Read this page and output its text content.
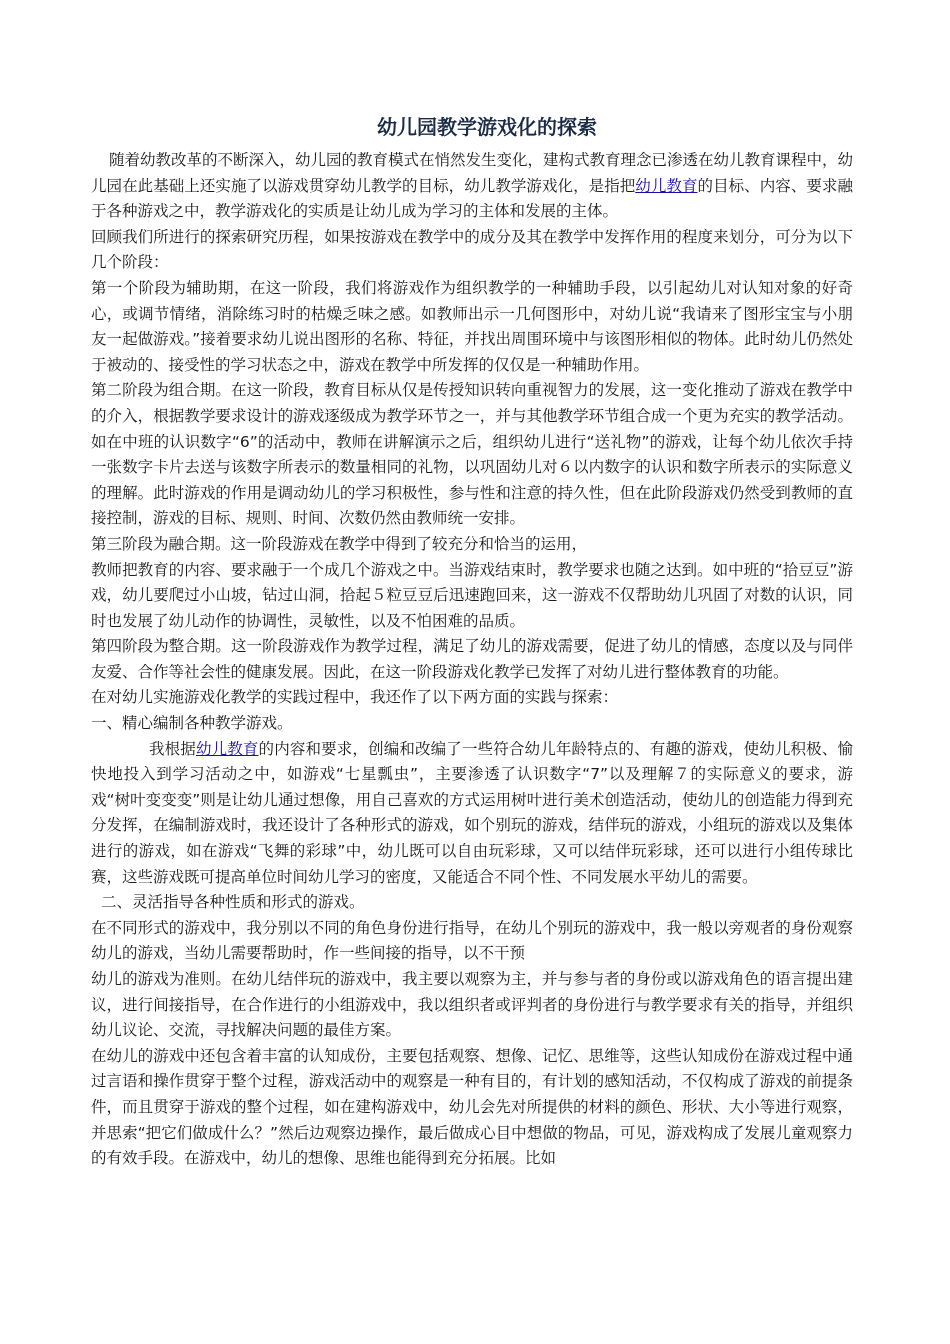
幼儿园教学游戏化的探索

随着幼教改革的不断深入，幼儿园的教育模式在悄然发生变化，建构式教育理念已渗透在幼儿教育课程中，幼儿园在此基础上还实施了以游戏贯穿幼儿教学的目标，幼儿教学游戏化，是指把幼儿教育的目标、内容、要求融于各种游戏之中，教学游戏化的实质是让幼儿成为学习的主体和发展的主体。

回顾我们所进行的探索研究历程，如果按游戏在教学中的成分及其在教学中发挥作用的程度来划分，可分为以下几个阶段：

第一个阶段为辅助期，在这一阶段，我们将游戏作为组织教学的一种辅助手段，以引起幼儿对认知对象的好奇心，或调节情绪，消除练习时的枯燥乏味之感。如教师出示一几何图形中，对幼儿说“我请来了图形宝宝与小朋友一起做游戏。”接着要求幼儿说出图形的名称、特征，并找出周围环境中与该图形相似的物体。此时幼儿仍然处于被动的、接受性的学习状态之中，游戏在教学中所发挥的仅仅是一种辅助作用。

第二阶段为组合期。在这一阶段，教育目标从仅是传授知识转向重视智力的发展，这一变化推动了游戏在教学中的介入，根据教学要求设计的游戏逐级成为教学环节之一，并与其他教学环节组合成一个更为充实的教学活动。如在中班的认识数字“6”的活动中，教师在讲解演示之后，组织幼儿进行“送礼物”的游戏，让每个幼儿依次手持一张数字卡片去送与该数字所表示的数量相同的礼物，以巩固幼儿对６以内数字的认识和数字所表示的实际意义的理解。此时游戏的作用是调动幼儿的学习积极性，参与性和注意的持久性，但在此阶段游戏仍然受到教师的直接控制，游戏的目标、规则、时间、次数仍然由教师统一安排。

第三阶段为融合期。这一阶段游戏在教学中得到了较充分和恰当的运用，

教师把教育的内容、要求融于一个成几个游戏之中。当游戏结束时，教学要求也随之达到。如中班的“拾豆豆”游戏，幼儿要爬过小山坡，钻过山洞，拾起５粒豆豆后迅速跑回来，这一游戏不仅帮助幼儿巩固了对数的认识，同时也发展了幼儿动作的协调性，灵敏性，以及不怕困难的品质。

第四阶段为整合期。这一阶段游戏作为教学过程，满足了幼儿的游戏需要，促进了幼儿的情感，态度以及与同伴友爱、合作等社会性的健康发展。因此，在这一阶段游戏化教学已发挥了对幼儿进行整体教育的功能。

在对幼儿实施游戏化教学的实践过程中，我还作了以下两方面的实践与探索：

一、精心编制各种教学游戏。

我根据幼儿教育的内容和要求，创编和改编了一些符合幼儿年龄特点的、有趣的游戏，使幼儿积极、愉快地投入到学习活动之中，如游戏“七星瓢虫”，主要渗透了认识数字“7”以及理解７的实际意义的要求，游戏“树叶变变变”则是让幼儿通过想像，用自己喜欢的方式运用树叶进行美术创造活动，使幼儿的创造能力得到充分发挥，在编制游戏时，我还设计了各种形式的游戏，如个别玩的游戏，结伴玩的游戏，小组玩的游戏以及集体进行的游戏，如在游戏“飞舞的彩球”中，幼儿既可以自由玩彩球，又可以结伴玩彩球，还可以进行小组传球比赛，这些游戏既可提高单位时间幼儿学习的密度，又能适合不同个性、不同发展水平幼儿的需要。

二、灵活指导各种性质和形式的游戏。

在不同形式的游戏中，我分别以不同的角色身份进行指导，在幼儿个别玩的游戏中，我一般以旁观者的身份观察幼儿的游戏，当幼儿需要帮助时，作一些间接的指导，以不干预

幼儿的游戏为准则。在幼儿结伴玩的游戏中，我主要以观察为主，并与参与者的身份或以游戏角色的语言提出建议，进行间接指导，在合作进行的小组游戏中，我以组织者或评判者的身份进行与教学要求有关的指导，并组织幼儿议论、交流，寻找解决问题的最佳方案。

在幼儿的游戏中还包含着丰富的认知成份，主要包括观察、想像、记忆、思维等，这些认知成份在游戏过程中通过言语和操作贯穿于整个过程，游戏活动中的观察是一种有目的，有计划的感知活动，不仅构成了游戏的前提条件，而且贯穿于游戏的整个过程，如在建构游戏中，幼儿会先对所提供的材料的颜色、形状、大小等进行观察，并思索“把它们做成什么？”然后边观察边操作，最后做成心目中想做的物品，可见，游戏构成了发展儿童观察力的有效手段。在游戏中，幼儿的想像、思维也能得到充分拓展。比如
